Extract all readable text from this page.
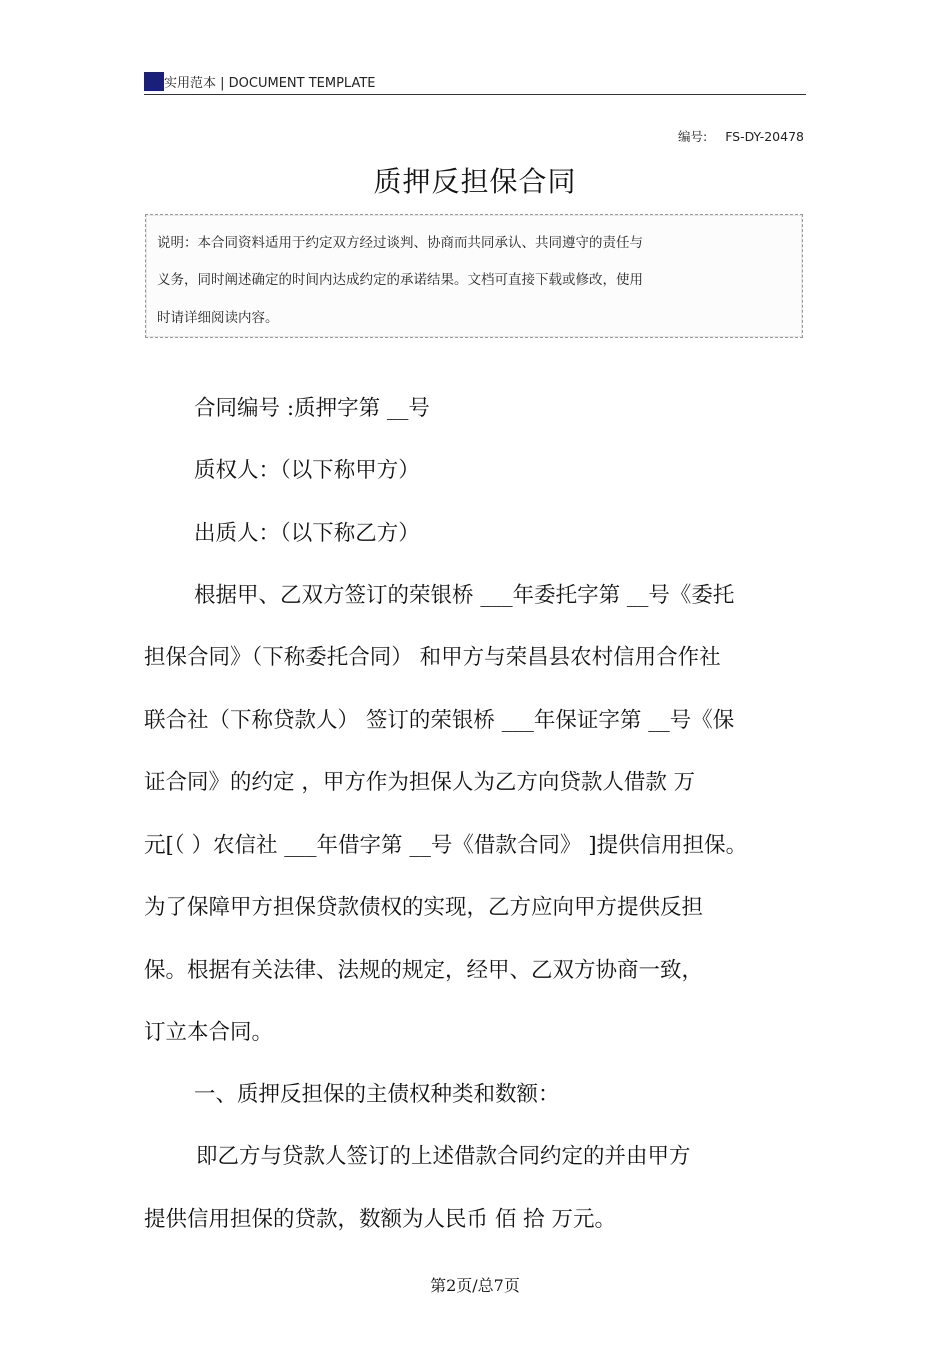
实用范本 | DOCUMENT TEMPLATE
编号: FS-DY-20478
质押反担保合同
说明：本合同资料适用于约定双方经过谈判、协商而共同承认、共同遵守的责任与
义务，同时阐述确定的时间内达成约定的承诺结果。文档可直接下载或修改，使用
时请详细阅读内容。
合同编号 :质押字第 __号
质权人：（以下称甲方）
出质人：（以下称乙方）
根据甲、乙双方签订的荣银桥 ___年委托字第 __号《委托
担保合同》（下称委托合同） 和甲方与荣昌县农村信用合作社
联合社（下称贷款人） 签订的荣银桥 ___年保证字第 __号《保
证合同》的约定 ，甲方作为担保人为乙方向贷款人借款 万
元[（ ）农信社 ___年借字第 __号《借款合同》 ]提供信用担保。
为了保障甲方担保贷款债权的实现，乙方应向甲方提供反担
保。根据有关法律、法规的规定，经甲、乙双方协商一致，
订立本合同。
一、质押反担保的主债权种类和数额：
即乙方与贷款人签订的上述借款合同约定的并由甲方
提供信用担保的贷款，数额为人民币 佰 拾 万元。
第2页/总7页
